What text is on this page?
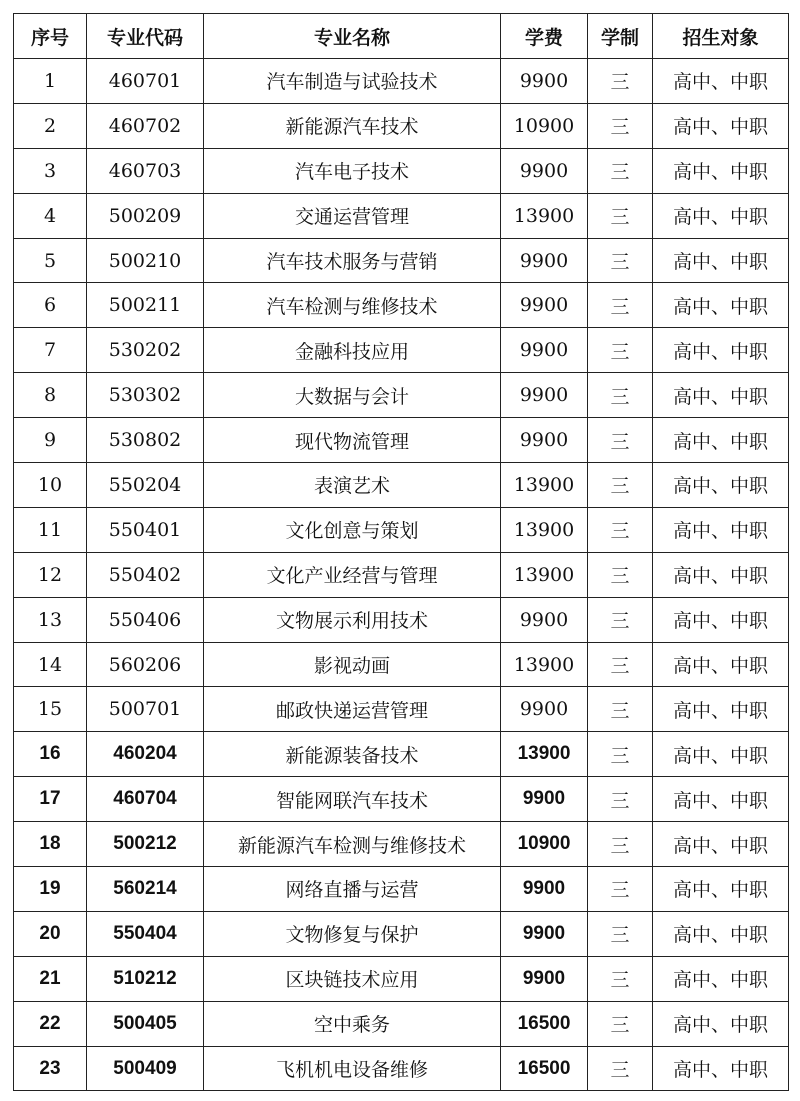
序号	专业代码	专业名称	学费	学制	招生对象
1	460701	汽车制造与试验技术	9900	三	高中、中职
2	460702	新能源汽车技术	10900	三	高中、中职
3	460703	汽车电子技术	9900	三	高中、中职
4	500209	交通运营管理	13900	三	高中、中职
5	500210	汽车技术服务与营销	9900	三	高中、中职
6	500211	汽车检测与维修技术	9900	三	高中、中职
7	530202	金融科技应用	9900	三	高中、中职
8	530302	大数据与会计	9900	三	高中、中职
9	530802	现代物流管理	9900	三	高中、中职
10	550204	表演艺术	13900	三	高中、中职
11	550401	文化创意与策划	13900	三	高中、中职
12	550402	文化产业经营与管理	13900	三	高中、中职
13	550406	文物展示利用技术	9900	三	高中、中职
14	560206	影视动画	13900	三	高中、中职
15	500701	邮政快递运营管理	9900	三	高中、中职
16	460204	新能源装备技术	13900	三	高中、中职
17	460704	智能网联汽车技术	9900	三	高中、中职
18	500212	新能源汽车检测与维修技术	10900	三	高中、中职
19	560214	网络直播与运营	9900	三	高中、中职
20	550404	文物修复与保护	9900	三	高中、中职
21	510212	区块链技术应用	9900	三	高中、中职
22	500405	空中乘务	16500	三	高中、中职
23	500409	飞机机电设备维修	16500	三	高中、中职
